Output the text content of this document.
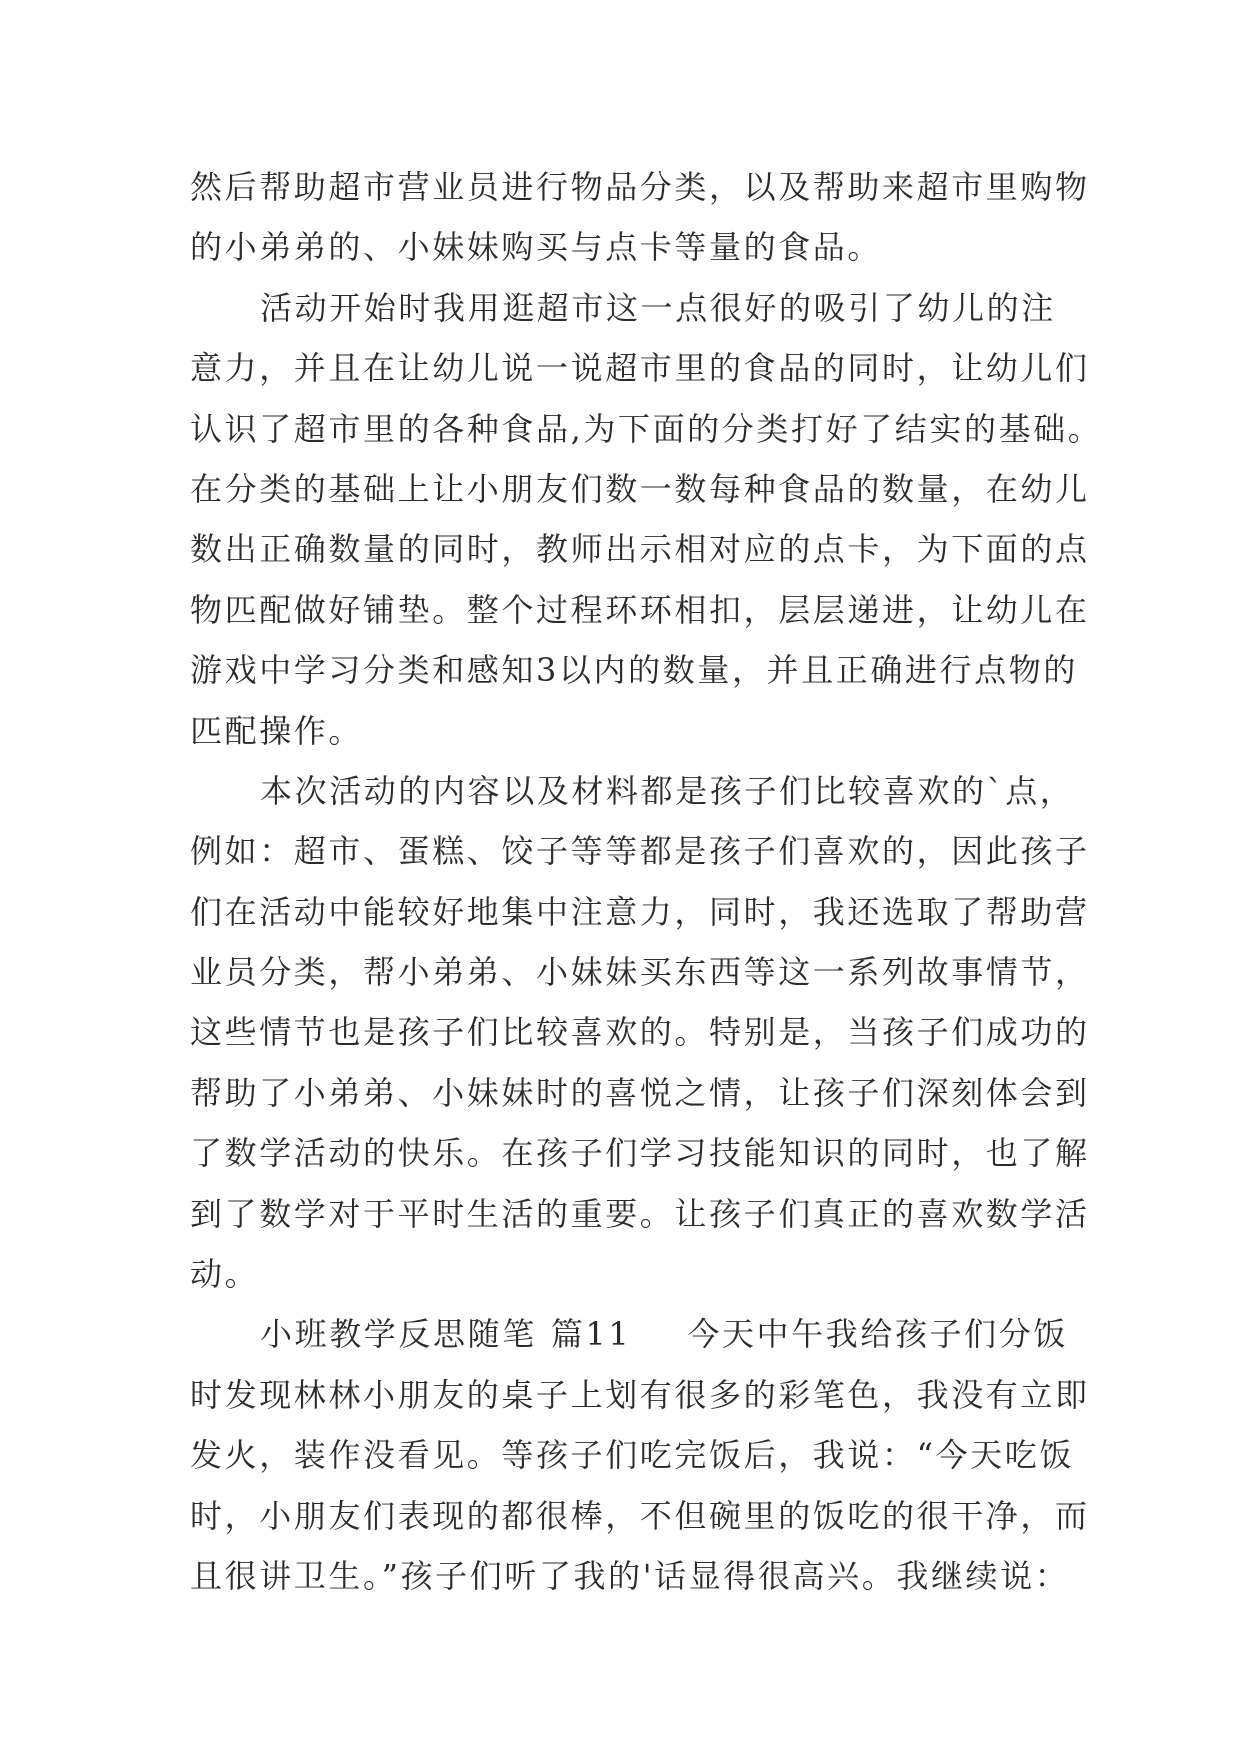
然后帮助超市营业员进行物品分类，以及帮助来超市里购物
的小弟弟的、小妹妹购买与点卡等量的食品。
活动开始时我用逛超市这一点很好的吸引了幼儿的注
意力，并且在让幼儿说一说超市里的食品的同时，让幼儿们
认识了超市里的各种食品,为下面的分类打好了结实的基础。
在分类的基础上让小朋友们数一数每种食品的数量，在幼儿
数出正确数量的同时，教师出示相对应的点卡，为下面的点
物匹配做好铺垫。整个过程环环相扣，层层递进，让幼儿在
游戏中学习分类和感知3以内的数量，并且正确进行点物的
匹配操作。
本次活动的内容以及材料都是孩子们比较喜欢的`点，
例如：超市、蛋糕、饺子等等都是孩子们喜欢的，因此孩子
们在活动中能较好地集中注意力，同时，我还选取了帮助营
业员分类，帮小弟弟、小妹妹买东西等这一系列故事情节，
这些情节也是孩子们比较喜欢的。特别是，当孩子们成功的
帮助了小弟弟、小妹妹时的喜悦之情，让孩子们深刻体会到
了数学活动的快乐。在孩子们学习技能知识的同时，也了解
到了数学对于平时生活的重要。让孩子们真正的喜欢数学活
动。
小班教学反思随笔 篇11 今天中午我给孩子们分饭
时发现林林小朋友的桌子上划有很多的彩笔色，我没有立即
发火，装作没看见。等孩子们吃完饭后，我说：“今天吃饭
时，小朋友们表现的都很棒，不但碗里的饭吃的很干净，而
且很讲卫生。”孩子们听了我的'话显得很高兴。我继续说：
